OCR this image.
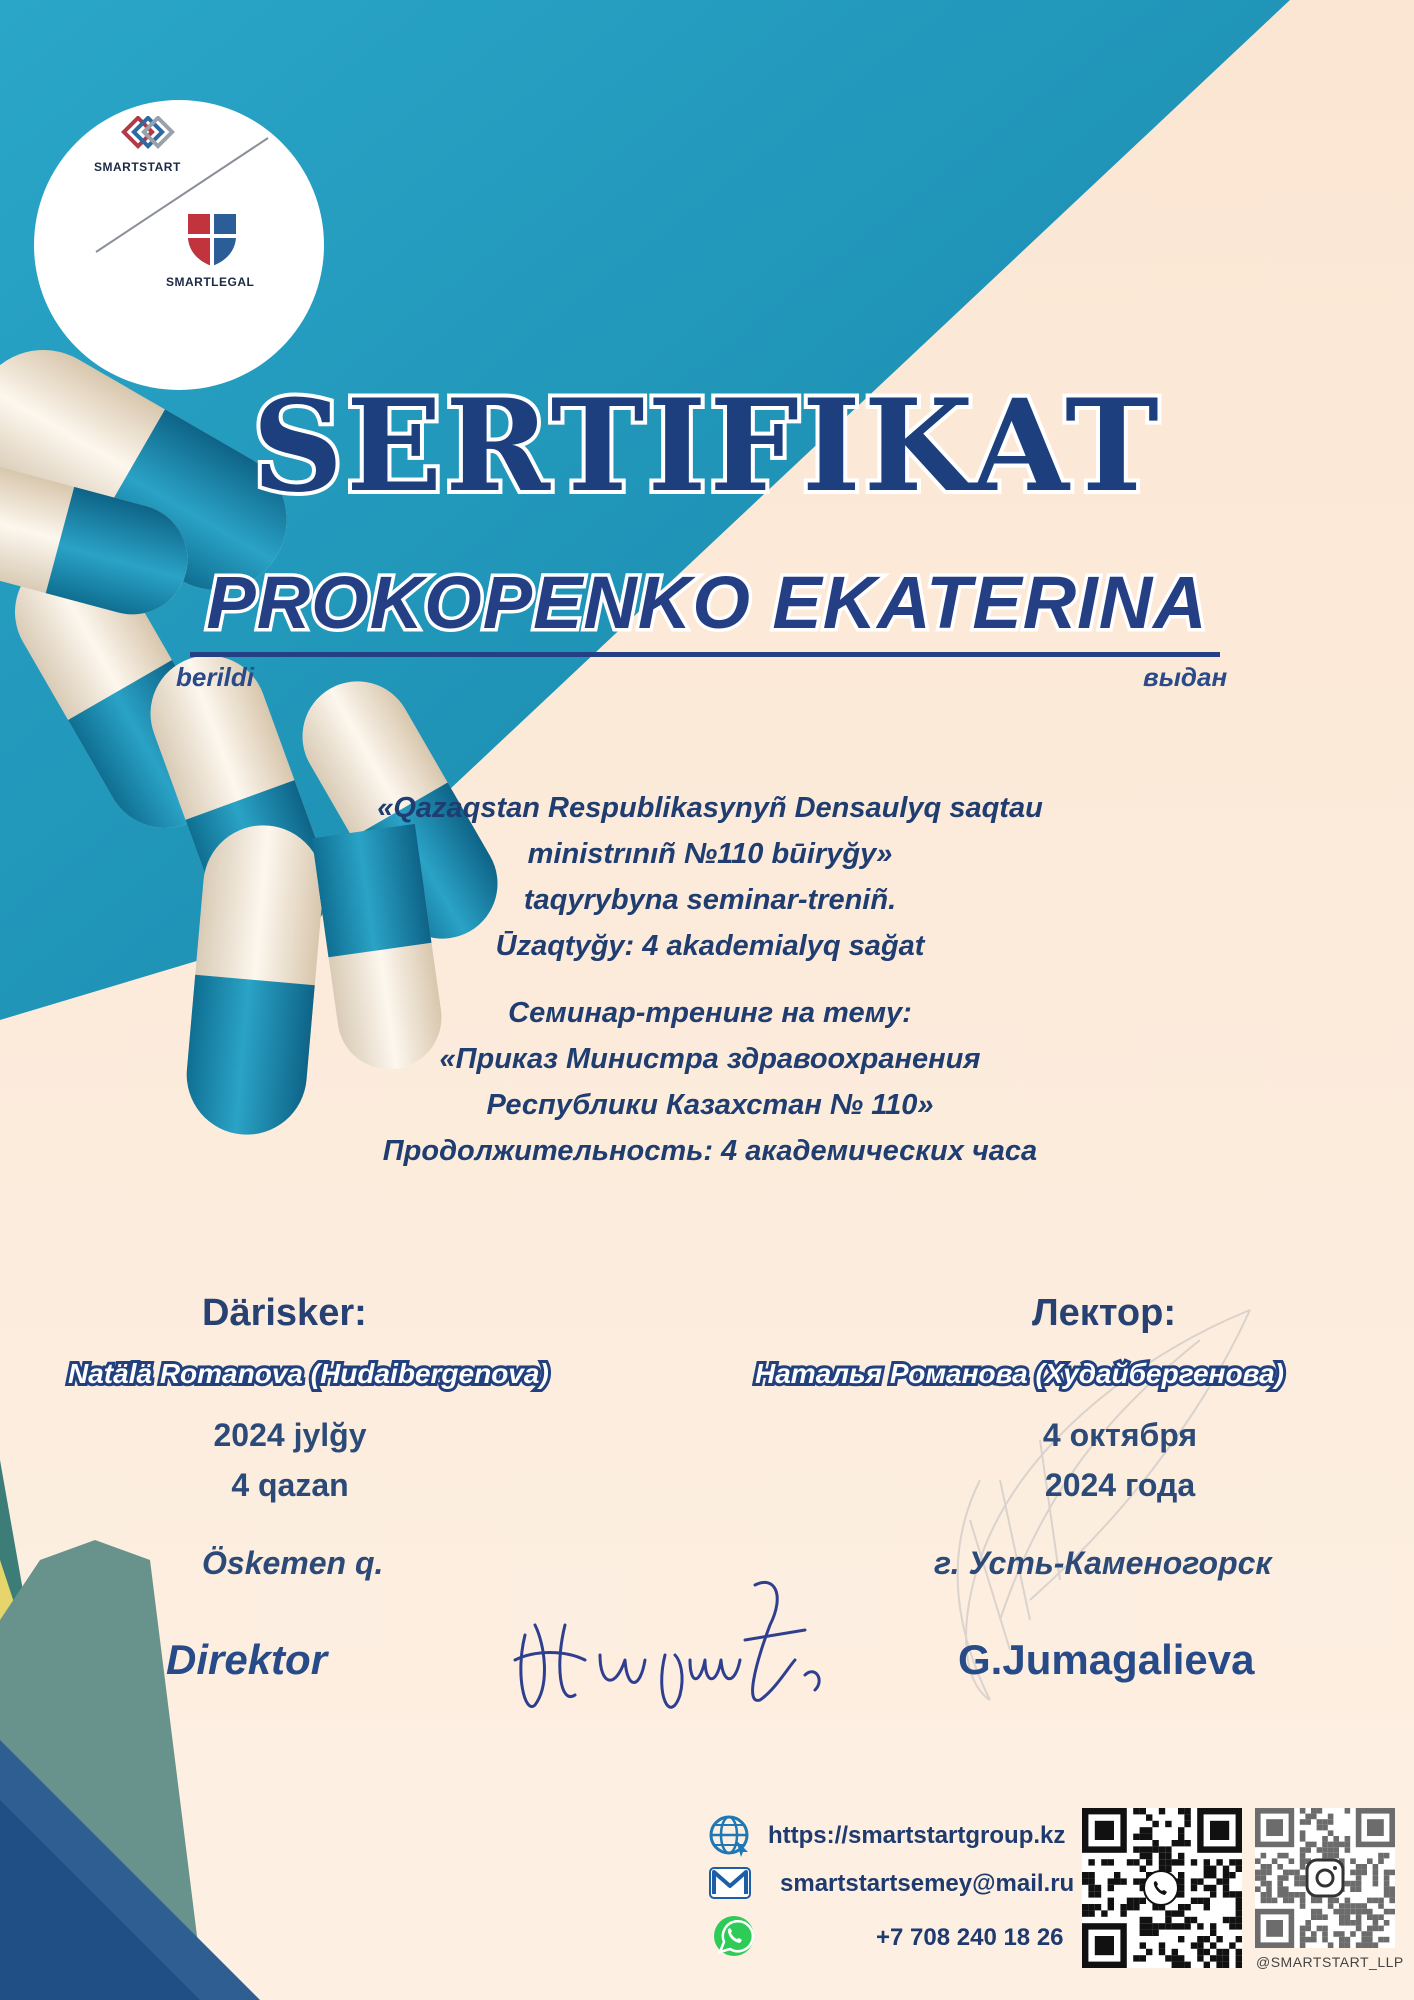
SMARTSTART
SMARTLEGAL
SERTIFIKAT
PROKOPENKO EKATERINA
berildi	выдан
«Qazaqstan Respublikasynyñ Densaulyq saqtau
ministrınıñ №110 būiryğy»
taqyrybyna seminar-treniñ.
Ūzaqtyğy: 4 akademialyq sağat
Семинар-тренинг на тему:
«Приказ Министра здравоохранения
Республики Казахстан № 110»
Продолжительность: 4 академических часа
Därisker:	Лектор:
Natälä Romanova (Hudaibergenova)	Наталья Романова (Худайбергенова)
2024 jylğy
4 qazan
4 октября
2024 года
Öskemen q.	г. Усть-Каменогорск
Direktor	G.Jumagalieva
https://smartstartgroup.kz
smartstartsemey@mail.ru
+7 708 240 18 26
@SMARTSTART_LLP
